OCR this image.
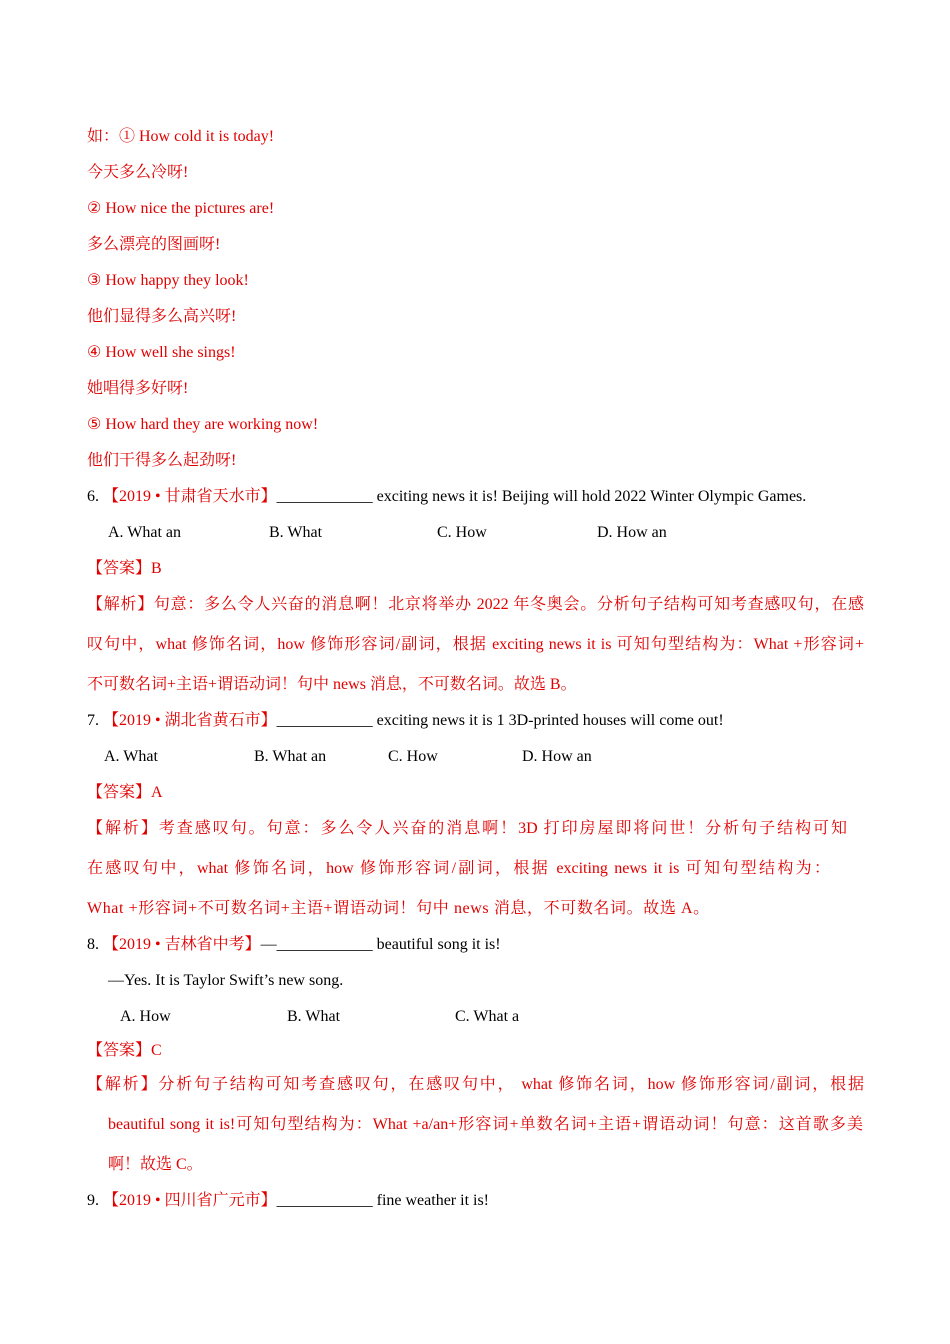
如：① How cold it is today!
今天多么冷呀!
② How nice the pictures are!
多么漂亮的图画呀!
③ How happy they look!
他们显得多么高兴呀!
④ How well she sings!
她唱得多好呀!
⑤ How hard they are working now!
他们干得多么起劲呀!
6. 【2019 • 甘肃省天水市】____________ exciting news it is! Beijing will hold 2022 Winter Olympic Games.
A. What an	B. What	C. How	D. How an
【答案】B
【解析】句意：多么令人兴奋的消息啊！北京将举办 2022 年冬奥会。分析句子结构可知考查感叹句，在感
叹句中，what 修饰名词，how 修饰形容词/副词，根据 exciting news it is 可知句型结构为：What +形容词+
不可数名词+主语+谓语动词！句中 news 消息，不可数名词。故选 B。
7. 【2019 • 湖北省黄石市】____________ exciting news it is 1 3D-printed houses will come out!
A. What	B. What an	C. How	D. How an
【答案】A
【解析】考查感叹句。句意：多么令人兴奋的消息啊！3D 打印房屋即将问世！分析句子结构可知
在感叹句中，what 修饰名词，how 修饰形容词/副词，根据 exciting news it is 可知句型结构为：
What +形容词+不可数名词+主语+谓语动词！句中 news 消息，不可数名词。故选 A。
8. 【2019 • 吉林省中考】—____________ beautiful song it is!
—Yes. It is Taylor Swift’s new song.
A. How	B. What	C. What a
【答案】C
【解析】分析句子结构可知考查感叹句，在感叹句中， what 修饰名词，how 修饰形容词/副词，根据
beautiful song it is!可知句型结构为：What +a/an+形容词+单数名词+主语+谓语动词！句意：这首歌多美
啊！故选 C。
9. 【2019 • 四川省广元市】____________ fine weather it is!
